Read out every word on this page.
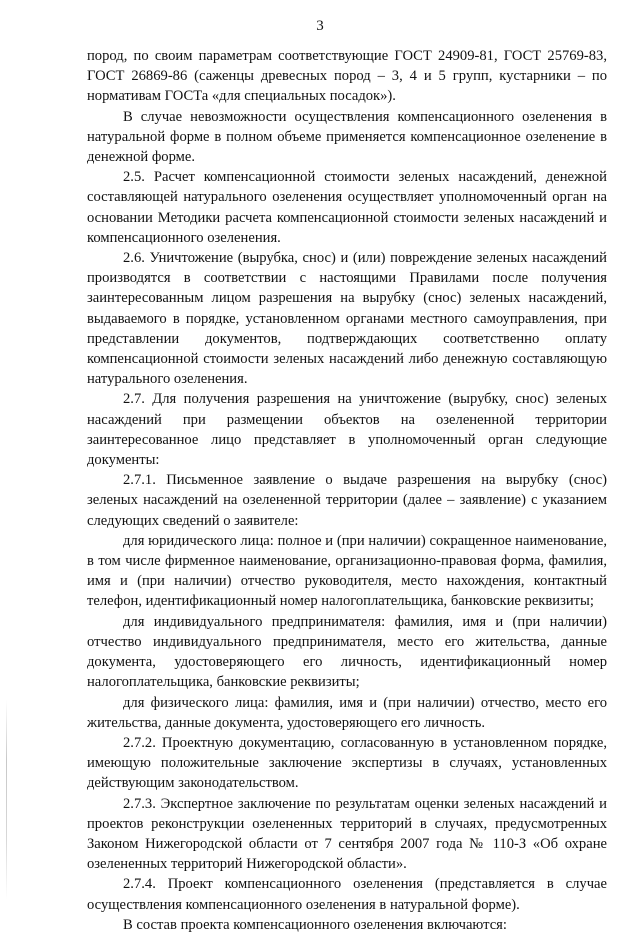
3

пород, по своим параметрам соответствующие ГОСТ 24909-81, ГОСТ 25769-83, ГОСТ 26869-86 (саженцы древесных пород – 3, 4 и 5 групп, кустарники – по нормативам ГОСТа «для специальных посадок»).

В случае невозможности осуществления компенсационного озеленения в натуральной форме в полном объеме применяется компенсационное озеленение в денежной форме.

2.5. Расчет компенсационной стоимости зеленых насаждений, денежной составляющей натурального озеленения осуществляет уполномоченный орган на основании Методики расчета компенсационной стоимости зеленых насаждений и компенсационного озеленения.

2.6. Уничтожение (вырубка, снос) и (или) повреждение зеленых насаждений производятся в соответствии с настоящими Правилами после получения заинтересованным лицом разрешения на вырубку (снос) зеленых насаждений, выдаваемого в порядке, установленном органами местного самоуправления, при представлении документов, подтверждающих соответственно оплату компенсационной стоимости зеленых насаждений либо денежную составляющую натурального озеленения.

2.7. Для получения разрешения на уничтожение (вырубку, снос) зеленых насаждений при размещении объектов на озелененной территории заинтересованное лицо представляет в уполномоченный орган следующие документы:

2.7.1. Письменное заявление о выдаче разрешения на вырубку (снос) зеленых насаждений на озелененной территории (далее – заявление) с указанием следующих сведений о заявителе:

для юридического лица: полное и (при наличии) сокращенное наименование, в том числе фирменное наименование, организационно-правовая форма, фамилия, имя и (при наличии) отчество руководителя, место нахождения, контактный телефон, идентификационный номер налогоплательщика, банковские реквизиты;

для индивидуального предпринимателя: фамилия, имя и (при наличии) отчество индивидуального предпринимателя, место его жительства, данные документа, удостоверяющего его личность, идентификационный номер налогоплательщика, банковские реквизиты;

для физического лица: фамилия, имя и (при наличии) отчество, место его жительства, данные документа, удостоверяющего его личность.

2.7.2. Проектную документацию, согласованную в установленном порядке, имеющую положительные заключение экспертизы в случаях, установленных действующим законодательством.

2.7.3. Экспертное заключение по результатам оценки зеленых насаждений и проектов реконструкции озелененных территорий в случаях, предусмотренных Законом Нижегородской области от 7 сентября 2007 года № 110-З «Об охране озелененных территорий Нижегородской области».

2.7.4. Проект компенсационного озеленения (представляется в случае осуществления компенсационного озеленения в натуральной форме).

В состав проекта компенсационного озеленения включаются:
